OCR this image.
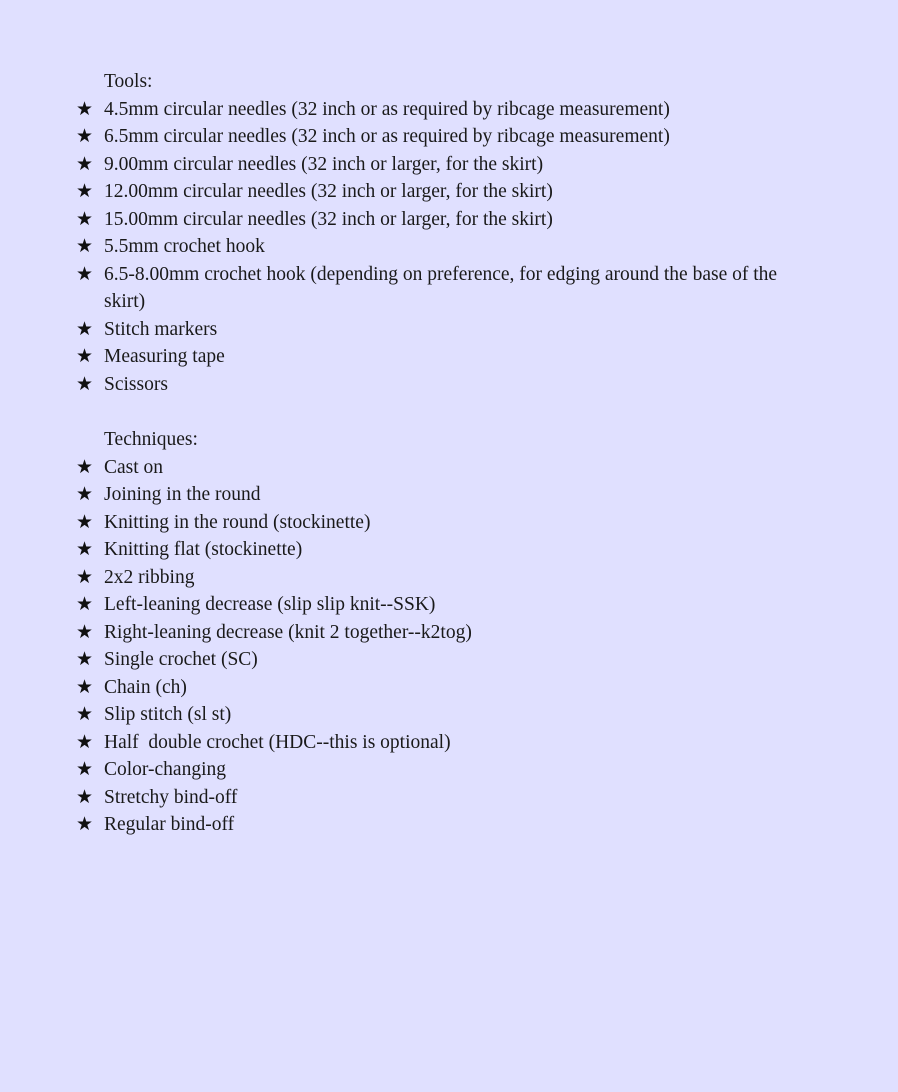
Tools:
★ 4.5mm circular needles (32 inch or as required by ribcage measurement)
★ 6.5mm circular needles (32 inch or as required by ribcage measurement)
★ 9.00mm circular needles (32 inch or larger, for the skirt)
★ 12.00mm circular needles (32 inch or larger, for the skirt)
★ 15.00mm circular needles (32 inch or larger, for the skirt)
★ 5.5mm crochet hook
★ 6.5-8.00mm crochet hook (depending on preference, for edging around the base of the skirt)
★ Stitch markers
★ Measuring tape
★ Scissors
Techniques:
★ Cast on
★ Joining in the round
★ Knitting in the round (stockinette)
★ Knitting flat (stockinette)
★ 2x2 ribbing
★ Left-leaning decrease (slip slip knit--SSK)
★ Right-leaning decrease (knit 2 together--k2tog)
★ Single crochet (SC)
★ Chain (ch)
★ Slip stitch (sl st)
★ Half  double crochet (HDC--this is optional)
★ Color-changing
★ Stretchy bind-off
★ Regular bind-off
